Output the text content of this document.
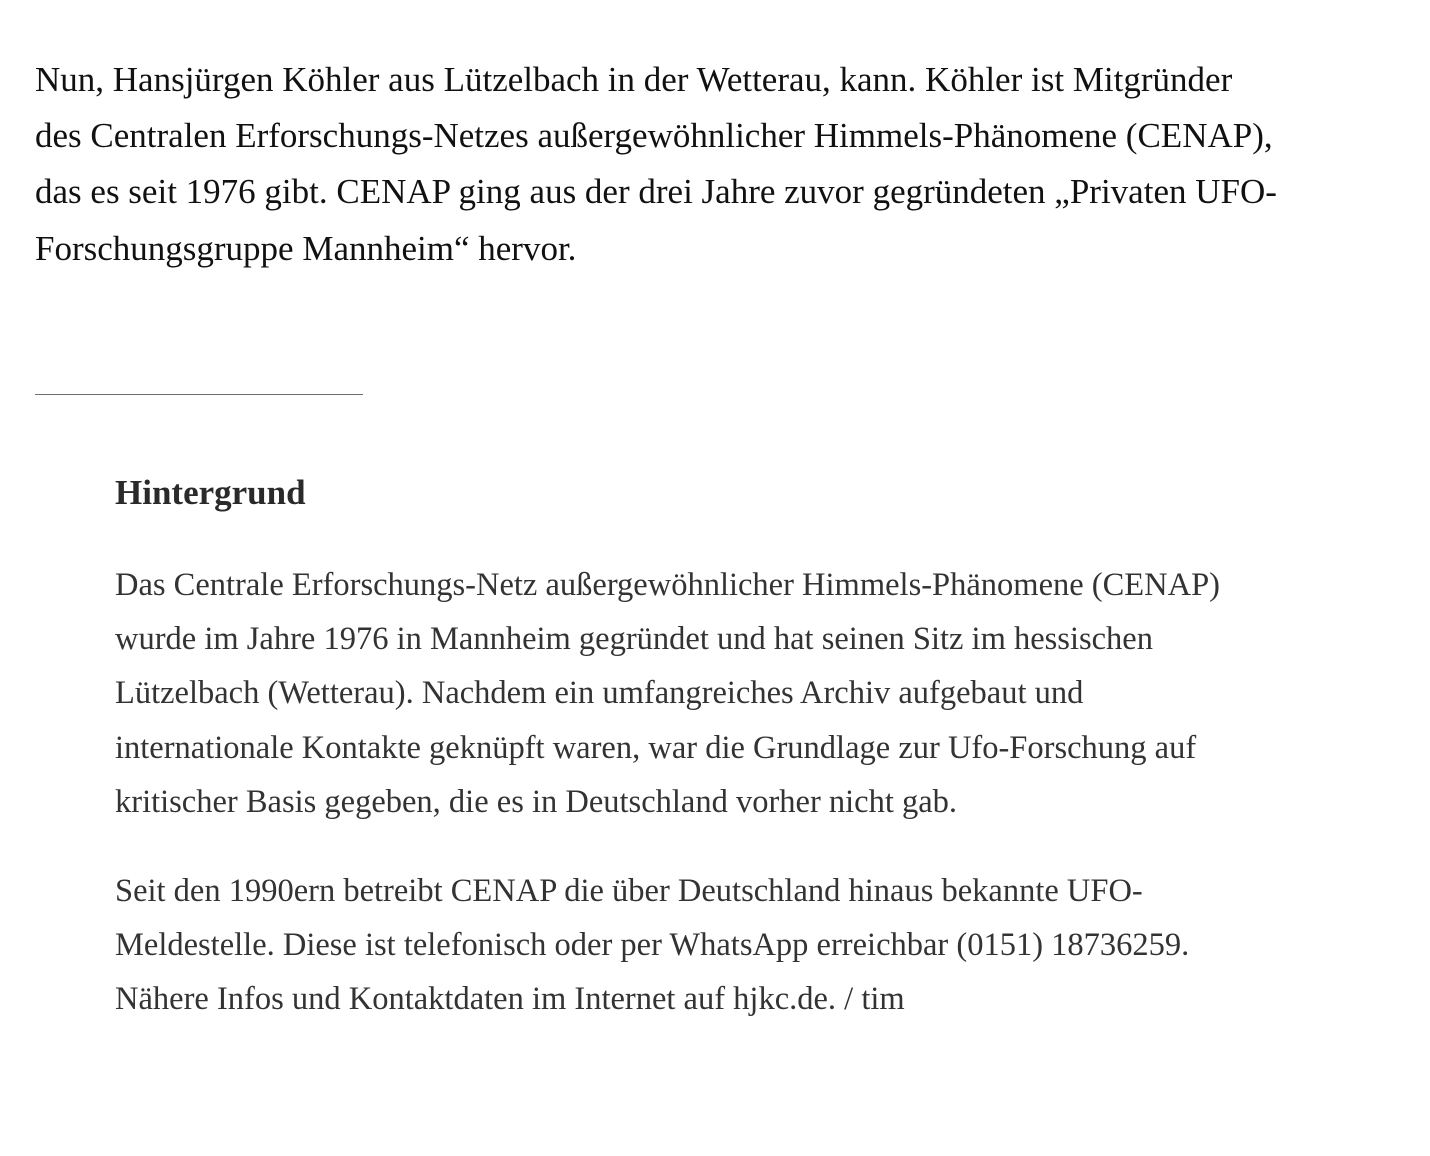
Nun, Hansjürgen Köhler aus Lützelbach in der Wetterau, kann. Köhler ist Mitgründer des Centralen Erforschungs-Netzes außergewöhnlicher Himmels-Phänomene (CENAP), das es seit 1976 gibt. CENAP ging aus der drei Jahre zuvor gegründeten „Privaten UFO-Forschungsgruppe Mannheim“ hervor.

Hintergrund

Das Centrale Erforschungs-Netz außergewöhnlicher Himmels-Phänomene (CENAP) wurde im Jahre 1976 in Mannheim gegründet und hat seinen Sitz im hessischen Lützelbach (Wetterau). Nachdem ein umfangreiches Archiv aufgebaut und internationale Kontakte geknüpft waren, war die Grundlage zur Ufo-Forschung auf kritischer Basis gegeben, die es in Deutschland vorher nicht gab.

Seit den 1990ern betreibt CENAP die über Deutschland hinaus bekannte UFO-Meldestelle. Diese ist telefonisch oder per WhatsApp erreichbar (0151) 18736259. Nähere Infos und Kontaktdaten im Internet auf hjkc.de. / tim
